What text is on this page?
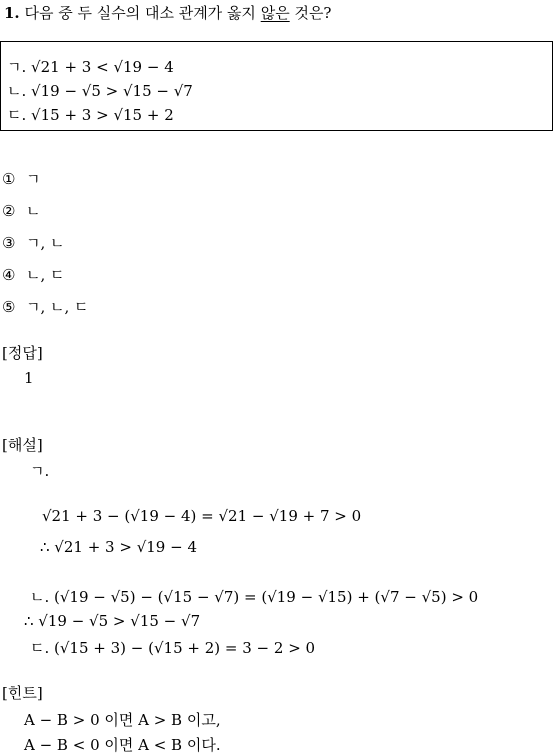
1. 다음 중 두 실수의 대소 관계가 옳지 않은 것은?
ㄱ. √21 + 3 < √19 − 4
ㄴ. √19 − √5 > √15 − √7
ㄷ. √15 + 3 > √15 + 2
① ㄱ
② ㄴ
③ ㄱ, ㄴ
④ ㄴ, ㄷ
⑤ ㄱ, ㄴ, ㄷ
[정답]
1
[해설]
ㄱ.
√21 + 3 − (√19 − 4) = √21 − √19 + 7 > 0
∴ √21 + 3 > √19 − 4
ㄴ. (√19 − √5) − (√15 − √7) = (√19 − √15) + (√7 − √5) > 0
∴ √19 − √5 > √15 − √7
ㄷ. (√15 + 3) − (√15 + 2) = 3 − 2 > 0
[힌트]
A − B > 0 이면 A > B 이고,
A − B < 0 이면 A < B 이다.
